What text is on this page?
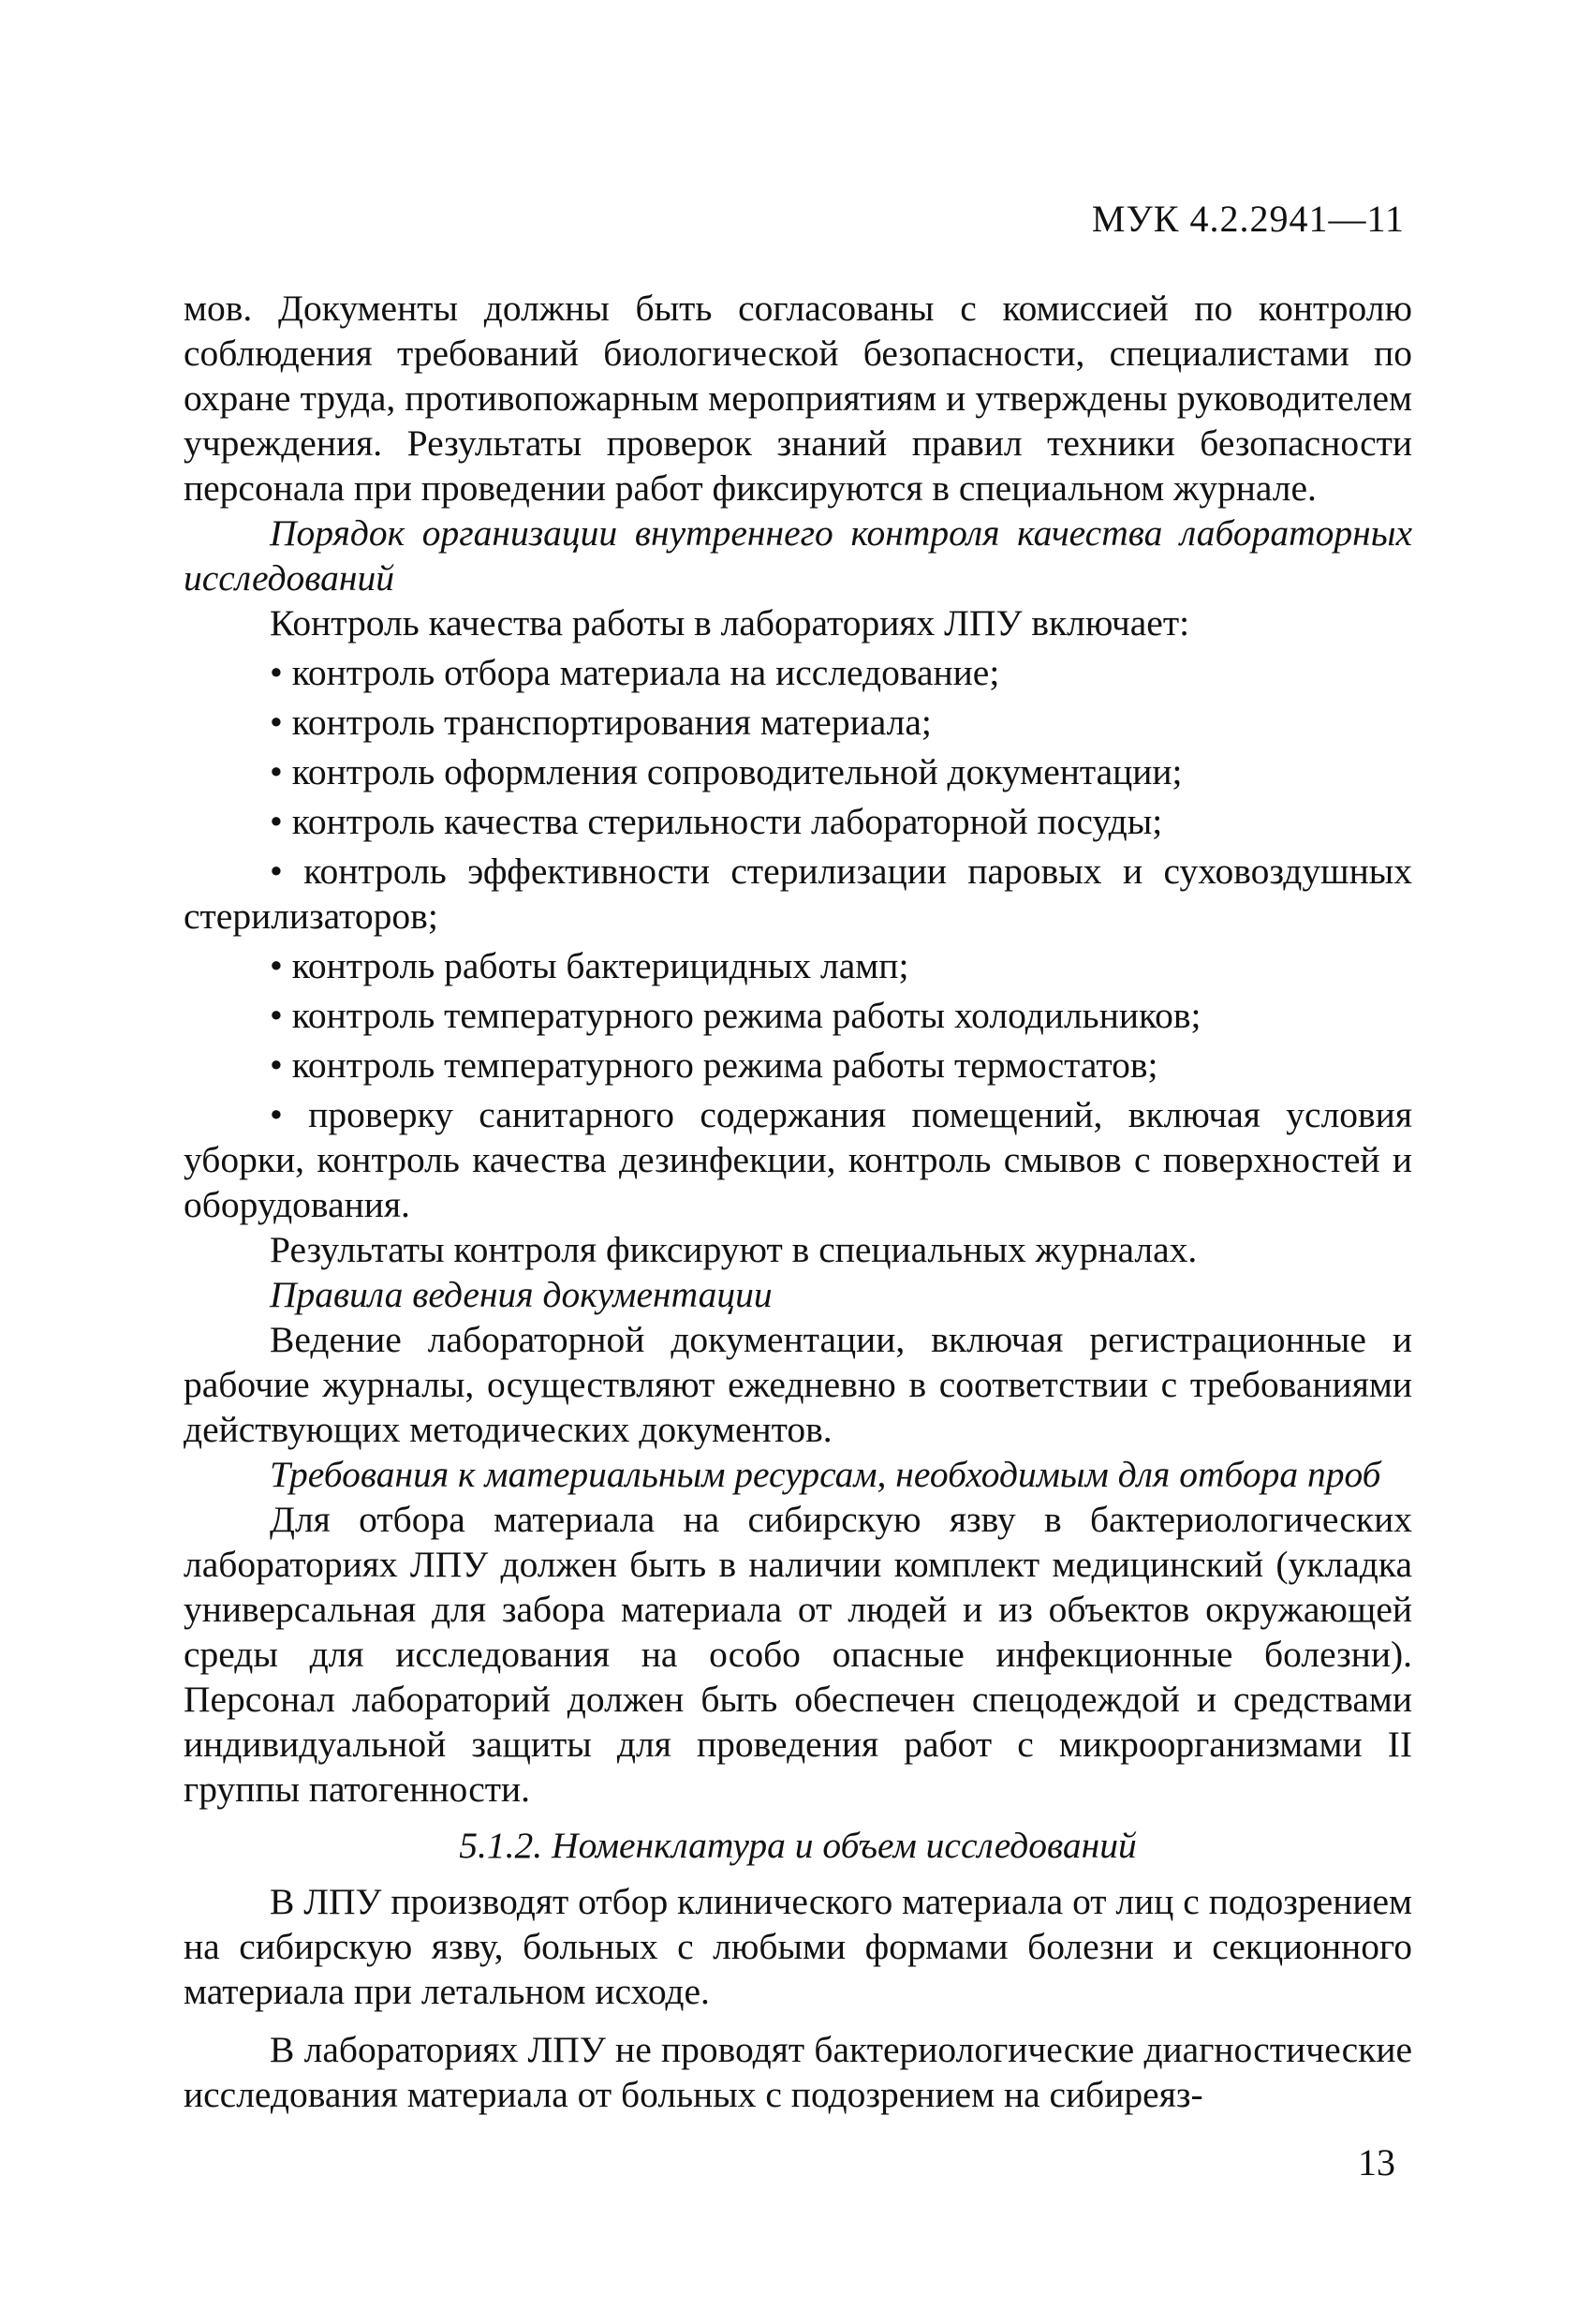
МУК 4.2.2941—11

мов. Документы должны быть согласованы с комиссией по контролю соблюдения требований биологической безопасности, специалистами по охране труда, противопожарным мероприятиям и утверждены руководителем учреждения. Результаты проверок знаний правил техники безопасности персонала при проведении работ фиксируются в специальном журнале.

Порядок организации внутреннего контроля качества лабораторных исследований

Контроль качества работы в лабораториях ЛПУ включает:

• контроль отбора материала на исследование;
• контроль транспортирования материала;
• контроль оформления сопроводительной документации;
• контроль качества стерильности лабораторной посуды;
• контроль эффективности стерилизации паровых и суховоздушных стерилизаторов;
• контроль работы бактерицидных ламп;
• контроль температурного режима работы холодильников;
• контроль температурного режима работы термостатов;
• проверку санитарного содержания помещений, включая условия уборки, контроль качества дезинфекции, контроль смывов с поверхностей и оборудования.

Результаты контроля фиксируют в специальных журналах.

Правила ведения документации

Ведение лабораторной документации, включая регистрационные и рабочие журналы, осуществляют ежедневно в соответствии с требованиями действующих методических документов.

Требования к материальным ресурсам, необходимым для отбора проб

Для отбора материала на сибирскую язву в бактериологических лабораториях ЛПУ должен быть в наличии комплект медицинский (укладка универсальная для забора материала от людей и из объектов окружающей среды для исследования на особо опасные инфекционные болезни). Персонал лабораторий должен быть обеспечен спецодеждой и средствами индивидуальной защиты для проведения работ с микроорганизмами II группы патогенности.

5.1.2. Номенклатура и объем исследований

В ЛПУ производят отбор клинического материала от лиц с подозрением на сибирскую язву, больных с любыми формами болезни и секционного материала при летальном исходе.

В лабораториях ЛПУ не проводят бактериологические диагностические исследования материала от больных с подозрением на сибиреяз-

13
